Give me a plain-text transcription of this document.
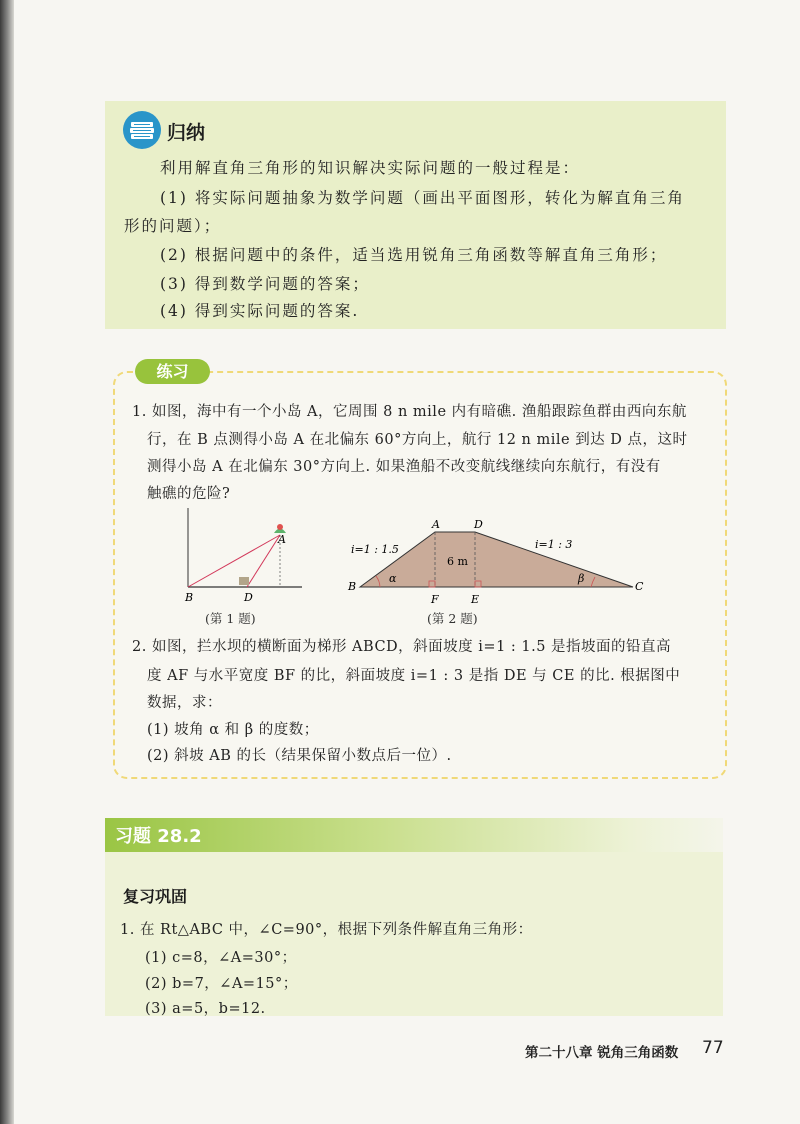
归纳
利用解直角三角形的知识解决实际问题的一般过程是：
(1) 将实际问题抽象为数学问题（画出平面图形，转化为解直角三角
形的问题）；
(2) 根据问题中的条件，适当选用锐角三角函数等解直角三角形；
(3) 得到数学问题的答案；
(4) 得到实际问题的答案.
练习
1. 如图，海中有一个小岛 A，它周围 8 n mile 内有暗礁. 渔船跟踪鱼群由西向东航
行，在 B 点测得小岛 A 在北偏东 60°方向上，航行 12 n mile 到达 D 点，这时
测得小岛 A 在北偏东 30°方向上. 如果渔船不改变航线继续向东航行，有没有
触礁的危险?
A
B	D
(第 1 题)
A	D
B	C
F	E
α	β
i=1 : 1.5	i=1 : 3
6 m
(第 2 题)
2. 如图，拦水坝的横断面为梯形 ABCD，斜面坡度 i=1 : 1.5 是指坡面的铅直高
度 AF 与水平宽度 BF 的比，斜面坡度 i=1 : 3 是指 DE 与 CE 的比. 根据图中
数据，求：
(1) 坡角 α 和 β 的度数；
(2) 斜坡 AB 的长（结果保留小数点后一位）.
习题 28.2
复习巩固
1. 在 Rt△ABC 中，∠C=90°，根据下列条件解直角三角形：
(1) c=8，∠A=30°；
(2) b=7，∠A=15°；
(3) a=5，b=12.
第二十八章 锐角三角函数 77
